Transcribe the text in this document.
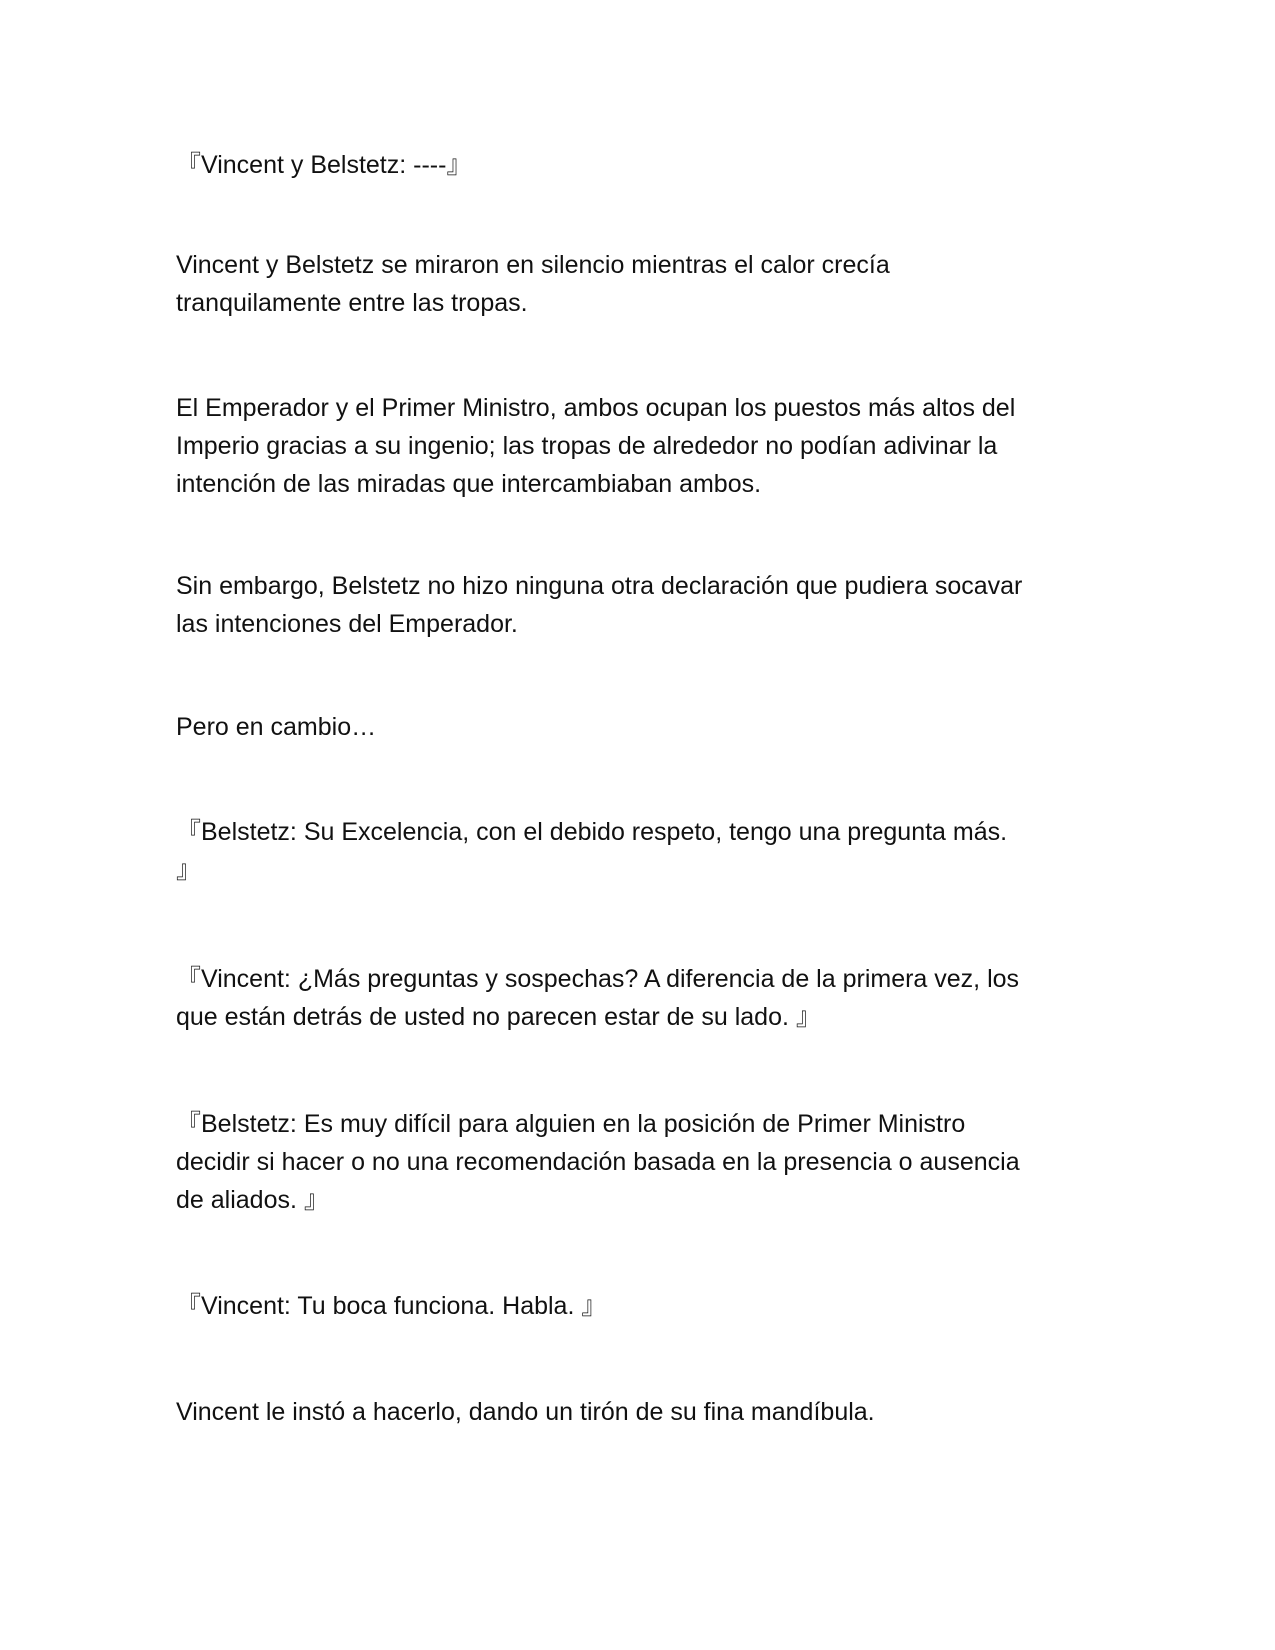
『Vincent y Belstetz: ----』

Vincent y Belstetz se miraron en silencio mientras el calor crecía
tranquilamente entre las tropas.

El Emperador y el Primer Ministro, ambos ocupan los puestos más altos del
Imperio gracias a su ingenio; las tropas de alrededor no podían adivinar la
intención de las miradas que intercambiaban ambos.

Sin embargo, Belstetz no hizo ninguna otra declaración que pudiera socavar
las intenciones del Emperador.

Pero en cambio…

『Belstetz: Su Excelencia, con el debido respeto, tengo una pregunta más.
』

『Vincent: ¿Más preguntas y sospechas? A diferencia de la primera vez, los
que están detrás de usted no parecen estar de su lado. 』

『Belstetz: Es muy difícil para alguien en la posición de Primer Ministro
decidir si hacer o no una recomendación basada en la presencia o ausencia
de aliados. 』

『Vincent: Tu boca funciona. Habla. 』

Vincent le instó a hacerlo, dando un tirón de su fina mandíbula.
